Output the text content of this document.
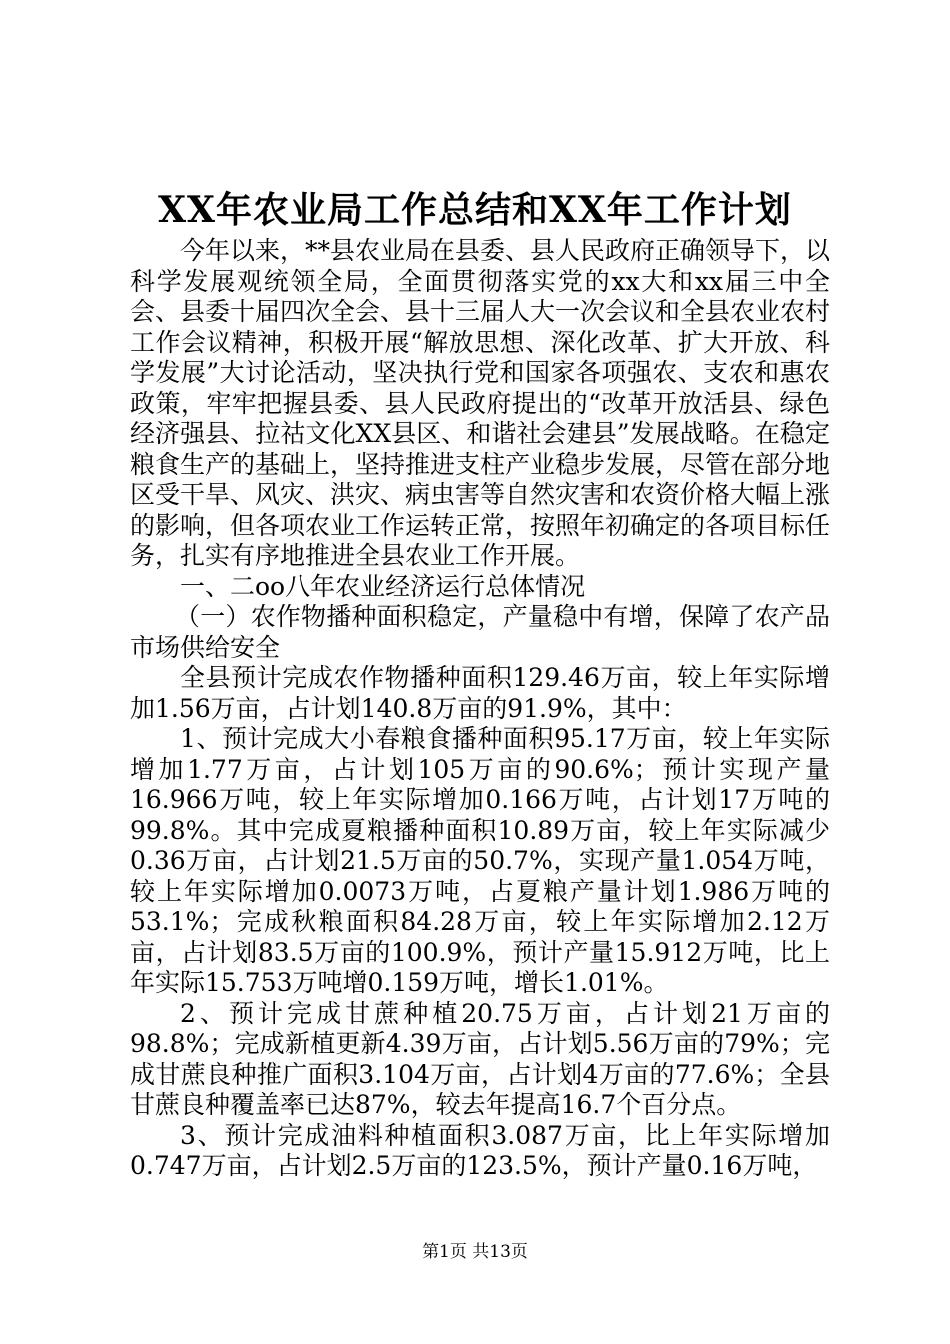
XX年农业局工作总结和XX年工作计划

今年以来，**县农业局在县委、县人民政府正确领导下，以科学发展观统领全局，全面贯彻落实党的xx大和xx届三中全会、县委十届四次全会、县十三届人大一次会议和全县农业农村工作会议精神，积极开展“解放思想、深化改革、扩大开放、科学发展”大讨论活动，坚决执行党和国家各项强农、支农和惠农政策，牢牢把握县委、县人民政府提出的“改革开放活县、绿色经济强县、拉祜文化XX县区、和谐社会建县”发展战略。在稳定粮食生产的基础上，坚持推进支柱产业稳步发展，尽管在部分地区受干旱、风灾、洪灾、病虫害等自然灾害和农资价格大幅上涨的影响，但各项农业工作运转正常，按照年初确定的各项目标任务，扎实有序地推进全县农业工作开展。

一、二oo八年农业经济运行总体情况

（一）农作物播种面积稳定，产量稳中有增，保障了农产品市场供给安全

全县预计完成农作物播种面积129.46万亩，较上年实际增加1.56万亩，占计划140.8万亩的91.9%，其中：

1、预计完成大小春粮食播种面积95.17万亩，较上年实际增加1.77万亩，占计划105万亩的90.6%；预计实现产量16.966万吨，较上年实际增加0.166万吨，占计划17万吨的99.8%。其中完成夏粮播种面积10.89万亩，较上年实际减少0.36万亩，占计划21.5万亩的50.7%，实现产量1.054万吨，较上年实际增加0.0073万吨，占夏粮产量计划1.986万吨的53.1%；完成秋粮面积84.28万亩，较上年实际增加2.12万亩，占计划83.5万亩的100.9%，预计产量15.912万吨，比上年实际15.753万吨增0.159万吨，增长1.01%。

2、预计完成甘蔗种植20.75万亩，占计划21万亩的98.8%；完成新植更新4.39万亩，占计划5.56万亩的79%；完成甘蔗良种推广面积3.104万亩，占计划4万亩的77.6%；全县甘蔗良种覆盖率已达87%，较去年提高16.7个百分点。

3、预计完成油料种植面积3.087万亩，比上年实际增加0.747万亩，占计划2.5万亩的123.5%，预计产量0.16万吨，

第1页 共13页
